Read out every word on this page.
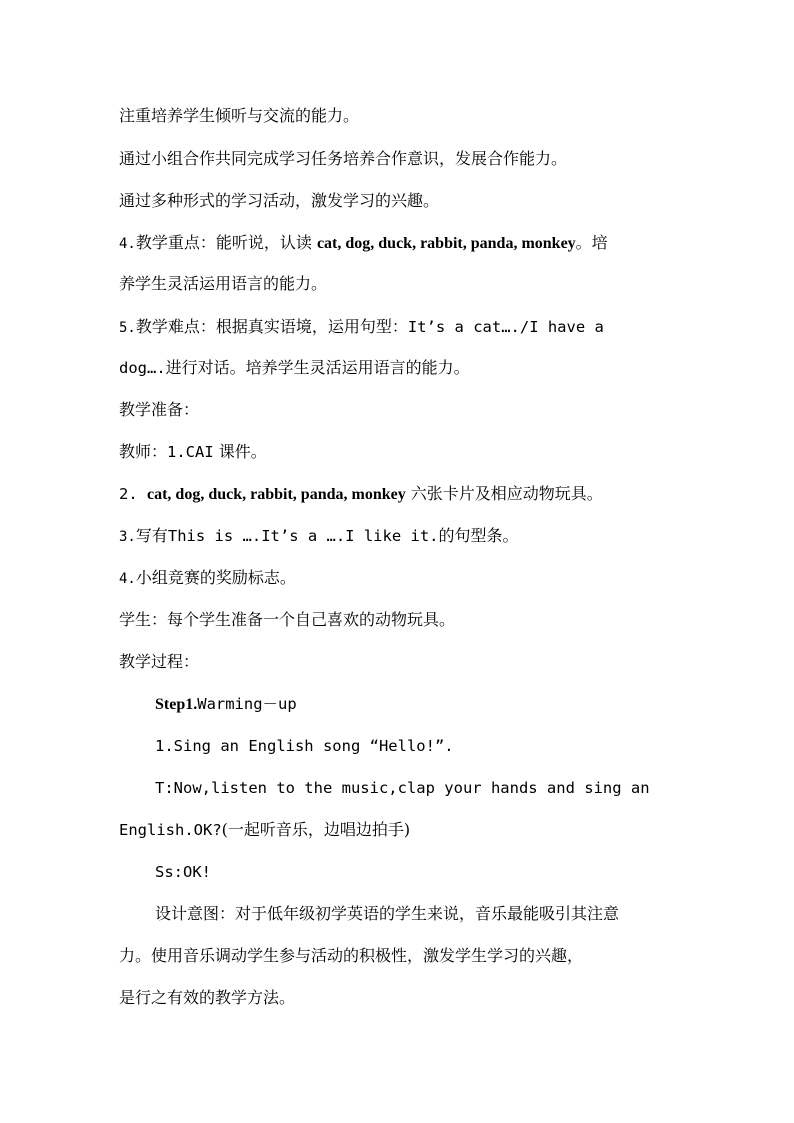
注重培养学生倾听与交流的能力。
通过小组合作共同完成学习任务培养合作意识，发展合作能力。
通过多种形式的学习活动，激发学习的兴趣。
4.教学重点：能听说，认读 cat, dog, duck, rabbit, panda, monkey。培
养学生灵活运用语言的能力。
5.教学难点：根据真实语境，运用句型：It’s a cat…./I have a
dog….进行对话。培养学生灵活运用语言的能力。
教学准备：
教师：1.CAI 课件。
2. cat, dog, duck, rabbit, panda, monkey 六张卡片及相应动物玩具。
3.写有This is ….It’s a ….I like it.的句型条。
4.小组竞赛的奖励标志。
学生：每个学生准备一个自己喜欢的动物玩具。
教学过程：
Step1.Warming－up
1.Sing an English song “Hello!”.
T:Now,listen to the music,clap your hands and sing an
English.OK?(一起听音乐，边唱边拍手)
Ss:OK!
设计意图：对于低年级初学英语的学生来说，音乐最能吸引其注意
力。使用音乐调动学生参与活动的积极性，激发学生学习的兴趣，
是行之有效的教学方法。
